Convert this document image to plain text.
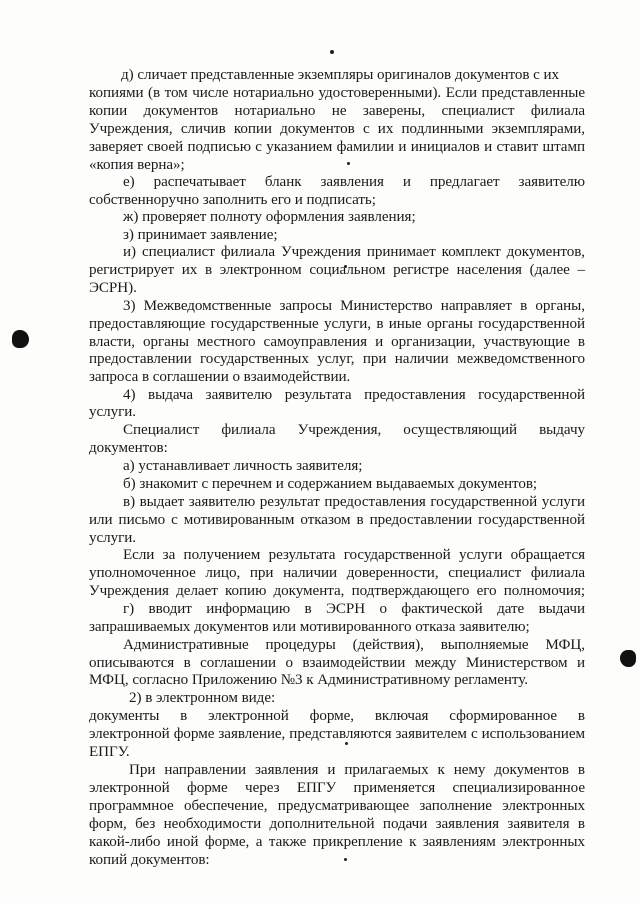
д) сличает представленные экземпляры оригиналов документов с их
копиями (в том числе нотариально удостоверенными). Если представленные
копии документов нотариально не заверены, специалист филиала
Учреждения, сличив копии документов с их подлинными экземплярами,
заверяет своей подписью с указанием фамилии и инициалов и ставит штамп
«копия верна»;
е) распечатывает бланк заявления и предлагает заявителю
собственноручно заполнить его и подписать;
ж) проверяет полноту оформления заявления;
з) принимает заявление;
и) специалист филиала Учреждения принимает комплект документов,
регистрирует их в электронном социальном регистре населения (далее –
ЭСРН).
3) Межведомственные запросы Министерство направляет в органы,
предоставляющие государственные услуги, в иные органы государственной
власти, органы местного самоуправления и организации, участвующие в
предоставлении государственных услуг, при наличии межведомственного
запроса в соглашении о взаимодействии.
4) выдача заявителю результата предоставления государственной
услуги.
Специалист филиала Учреждения, осуществляющий выдачу
документов:
а) устанавливает личность заявителя;
б) знакомит с перечнем и содержанием выдаваемых документов;
в) выдает заявителю результат предоставления государственной услуги
или письмо с мотивированным отказом в предоставлении государственной
услуги.
Если за получением результата государственной услуги обращается
уполномоченное лицо, при наличии доверенности, специалист филиала
Учреждения делает копию документа, подтверждающего его полномочия;
г) вводит информацию в ЭСРН о фактической дате выдачи
запрашиваемых документов или мотивированного отказа заявителю;
Административные процедуры (действия), выполняемые МФЦ,
описываются в соглашении о взаимодействии между Министерством и
МФЦ, согласно Приложению №3 к Административному регламенту.
2) в электронном виде:
документы в электронной форме, включая сформированное в
электронной форме заявление, представляются заявителем с использованием
ЕПГУ.
При направлении заявления и прилагаемых к нему документов в
электронной форме через ЕПГУ применяется специализированное
программное обеспечение, предусматривающее заполнение электронных
форм, без необходимости дополнительной подачи заявления заявителя в
какой-либо иной форме, а также прикрепление к заявлениям электронных
копий документов:
